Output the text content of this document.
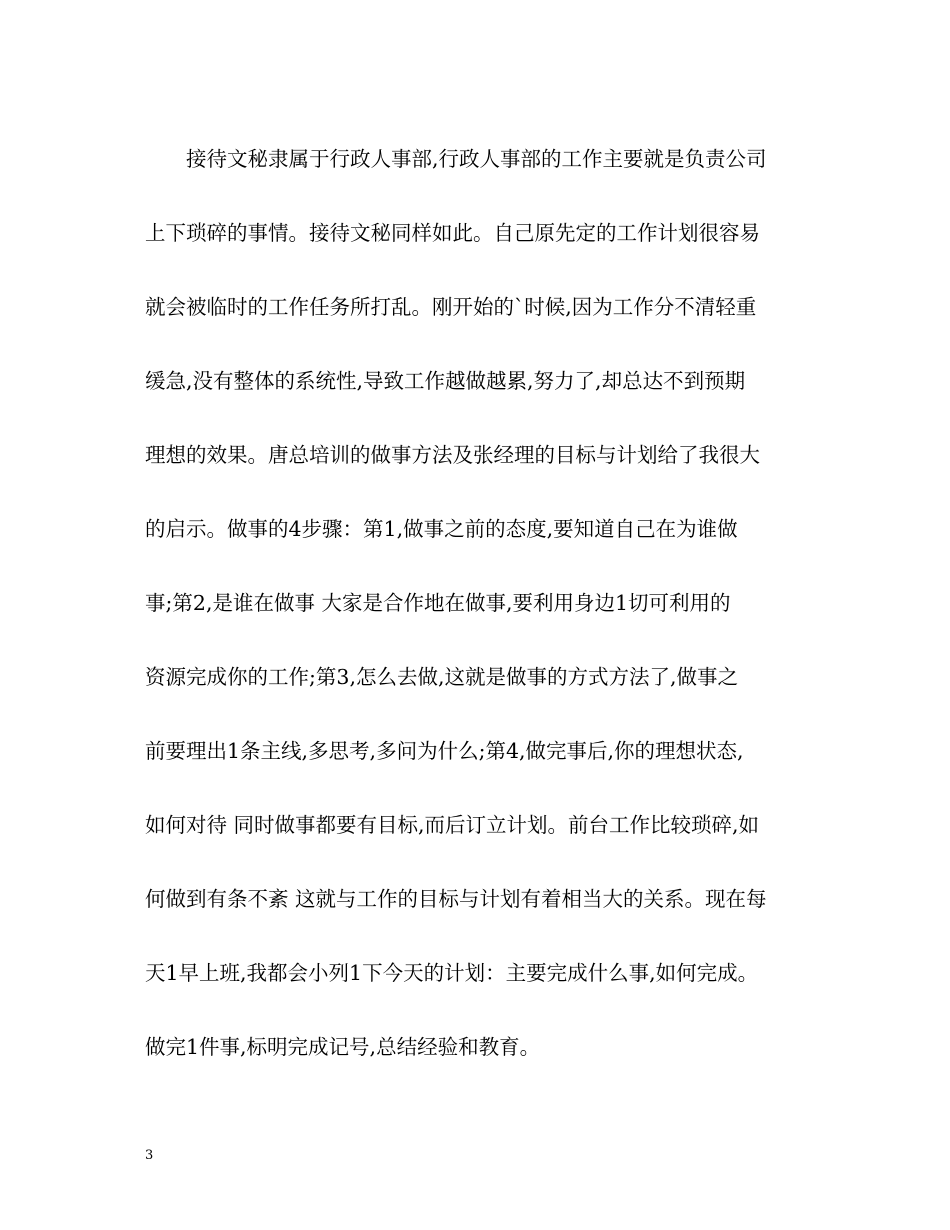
　　接待文秘隶属于行政人事部,行政人事部的工作主要就是负责公司
上下琐碎的事情。接待文秘同样如此。自己原先定的工作计划很容易
就会被临时的工作任务所打乱。刚开始的`时候,因为工作分不清轻重
缓急,没有整体的系统性,导致工作越做越累,努力了,却总达不到预期
理想的效果。唐总培训的做事方法及张经理的目标与计划给了我很大
的启示。做事的4步骤：第1,做事之前的态度,要知道自己在为谁做
事;第2,是谁在做事 大家是合作地在做事,要利用身边1切可利用的
资源完成你的工作;第3,怎么去做,这就是做事的方式方法了,做事之
前要理出1条主线,多思考,多问为什么;第4,做完事后,你的理想状态,
如何对待 同时做事都要有目标,而后订立计划。前台工作比较琐碎,如
何做到有条不紊 这就与工作的目标与计划有着相当大的关系。现在每
天1早上班,我都会小列1下今天的计划：主要完成什么事,如何完成。
做完1件事,标明完成记号,总结经验和教育。
3
